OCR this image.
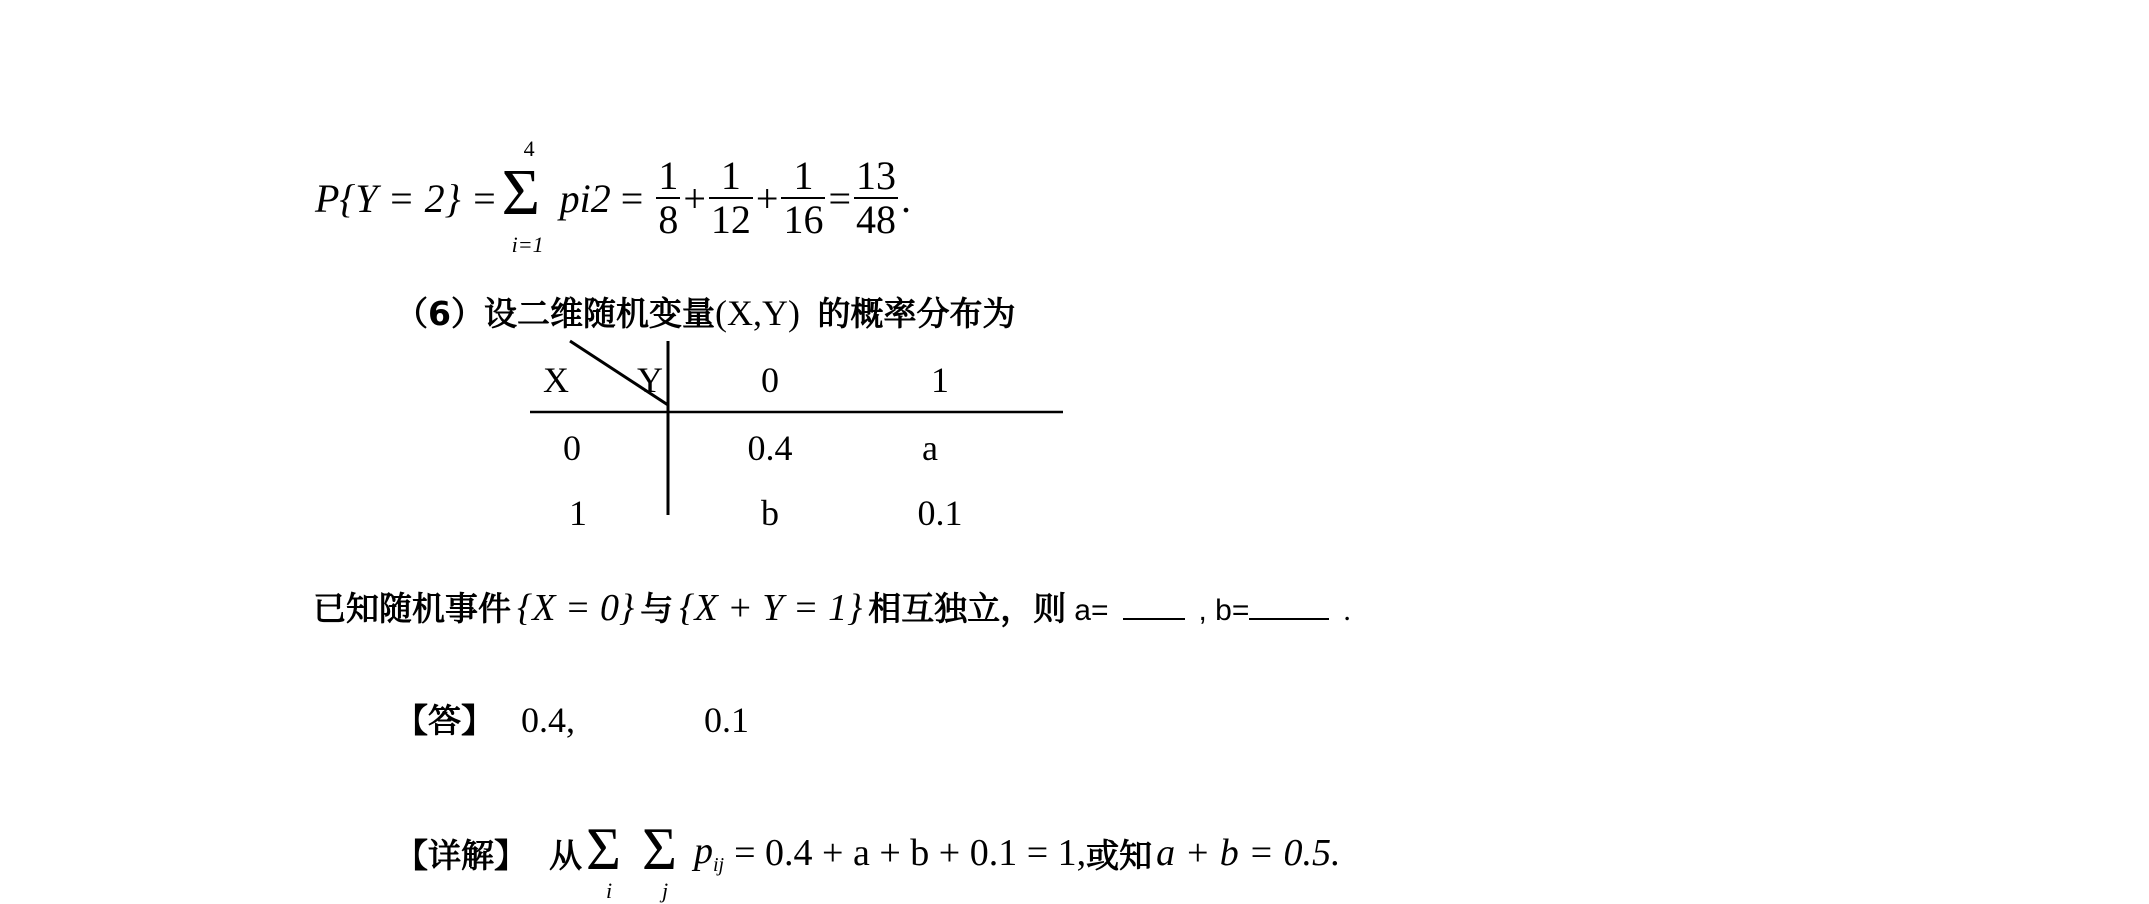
P{Y = 2} =
4
Σ
i=1
$pi2 = \frac{1}{8} + \frac{1}{12} + \frac{1}{16} = \frac{13}{48}$ .
（6）设二维随机变量(X,Y) 的概率分布为
X Y	0	1
0	0.4	a
1	b	0.1
已知随机事件 {X = 0} 与 {X + Y = 1} 相互独立，则 a=	, b=	.
【答】 0.4,	0.1
【详解】 从 Σ
i
Σ
j
$p_{ij} = 0.4 + a + b + 0.1 = 1$, 或知 a + b = 0.5.
